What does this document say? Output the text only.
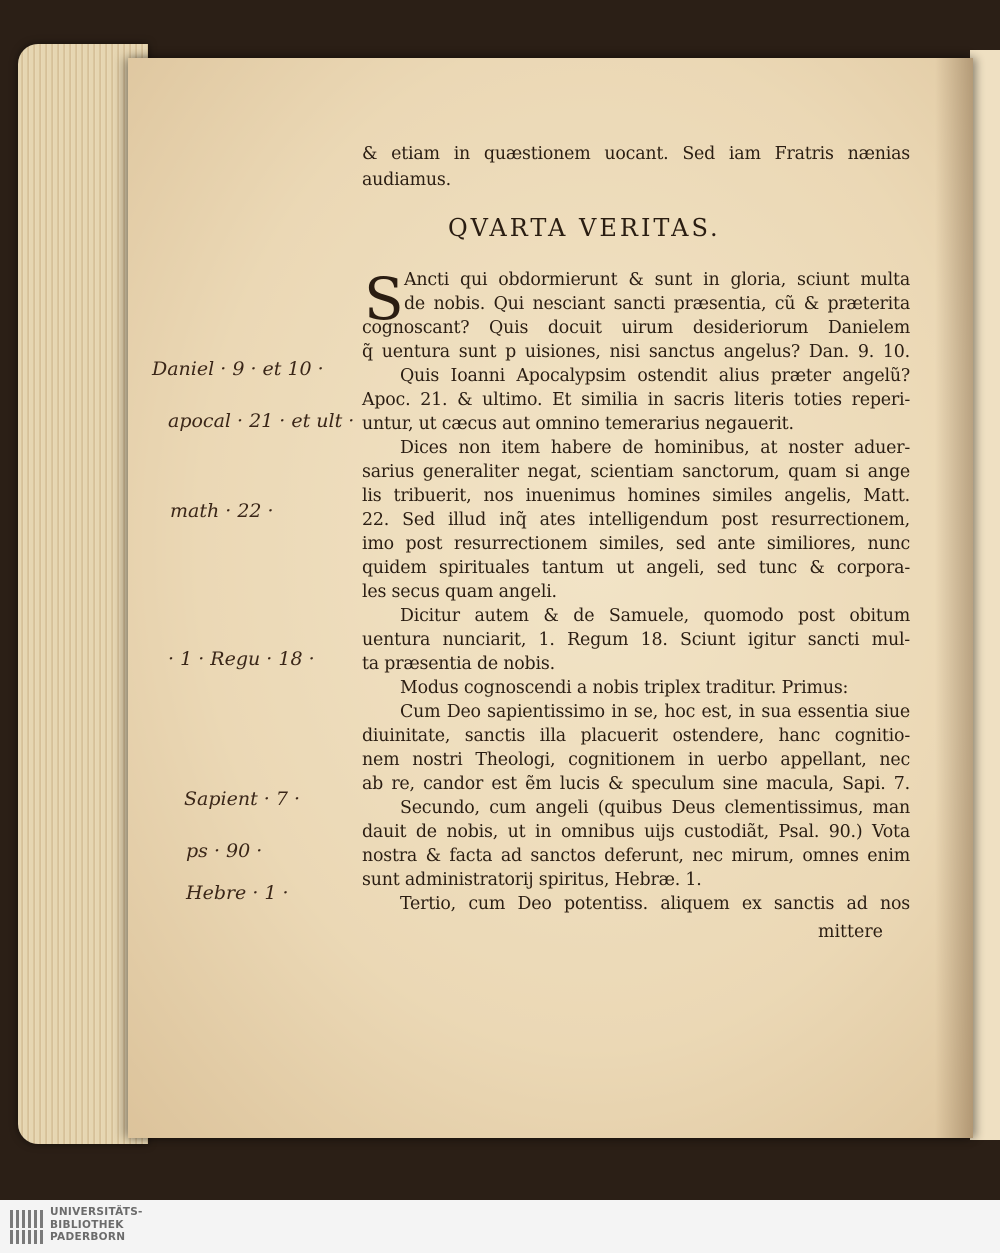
& etiam in quæstionem uocant. Sed iam Fratris nænias
audiamus.
QVARTA VERITAS.
S Ancti qui obdormierunt & sunt in gloria, sciunt multa
de nobis. Qui nesciant sancti præsentia, cũ & præterita
cognoscant? Quis docuit uirum desideriorum Danielem
q̃ uentura sunt p uisiones, nisi sanctus angelus? Dan. 9. 10.
Quis Ioanni Apocalypsim ostendit alius præter angelũ?
Apoc. 21. & ultimo. Et similia in sacris literis toties reperi-
untur, ut cæcus aut omnino temerarius negauerit.
Dices non item habere de hominibus, at noster aduer-
sarius generaliter negat, scientiam sanctorum, quam si ange
lis tribuerit, nos inuenimus homines similes angelis, Matt.
22. Sed illud inq̃ ates intelligendum post resurrectionem,
imo post resurrectionem similes, sed ante similiores, nunc
quidem spirituales tantum ut angeli, sed tunc & corpora-
les secus quam angeli.
Dicitur autem & de Samuele, quomodo post obitum
uentura nunciarit, 1. Regum 18. Sciunt igitur sancti mul-
ta præsentia de nobis.
Modus cognoscendi a nobis triplex traditur. Primus:
Cum Deo sapientissimo in se, hoc est, in sua essentia siue
diuinitate, sanctis illa placuerit ostendere, hanc cognitio-
nem nostri Theologi, cognitionem in uerbo appellant, nec
ab re, candor est ẽm lucis & speculum sine macula, Sapi. 7.
Secundo, cum angeli (quibus Deus clementissimus, man
dauit de nobis, ut in omnibus uijs custodiãt, Psal. 90.) Vota
nostra & facta ad sanctos deferunt, nec mirum, omnes enim
sunt administratorij spiritus, Hebræ. 1.
Tertio, cum Deo potentiss. aliquem ex sanctis ad nos
mittere
Daniel · 9 · et 10 ·
apocal · 21 · et ult ·
math · 22 ·
· 1 · Regu · 18 ·
Sapient · 7 ·
ps · 90 ·
Hebre · 1 ·
UNIVERSITÄTS-
BIBLIOTHEK
PADERBORN
